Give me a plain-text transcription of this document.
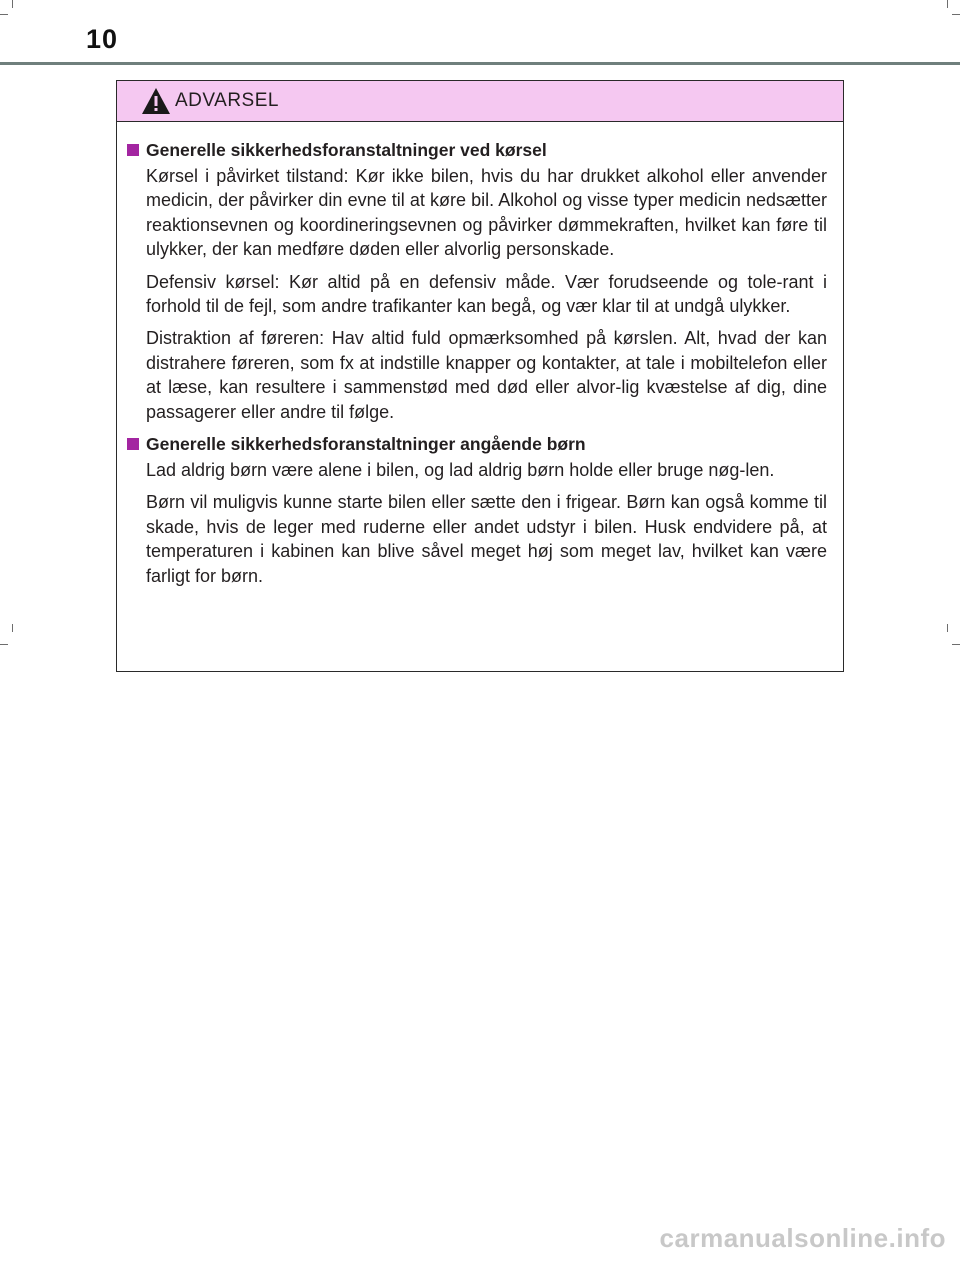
10
ADVARSEL
Generelle sikkerhedsforanstaltninger ved kørsel

Kørsel i påvirket tilstand: Kør ikke bilen, hvis du har drukket alkohol eller anvender medicin, der påvirker din evne til at køre bil. Alkohol og visse typer medicin nedsætter reaktionsevnen og koordineringsevnen og påvirker dømmekraften, hvilket kan føre til ulykker, der kan medføre døden eller alvorlig personskade.

Defensiv kørsel: Kør altid på en defensiv måde. Vær forudseende og tole-rant i forhold til de fejl, som andre trafikanter kan begå, og vær klar til at undgå ulykker.

Distraktion af føreren: Hav altid fuld opmærksomhed på kørslen. Alt, hvad der kan distrahere føreren, som fx at indstille knapper og kontakter, at tale i mobiltelefon eller at læse, kan resultere i sammenstød med død eller alvor-lig kvæstelse af dig, dine passagerer eller andre til følge.

Generelle sikkerhedsforanstaltninger angående børn

Lad aldrig børn være alene i bilen, og lad aldrig børn holde eller bruge nøg-len.

Børn vil muligvis kunne starte bilen eller sætte den i frigear. Børn kan også komme til skade, hvis de leger med ruderne eller andet udstyr i bilen. Husk endvidere på, at temperaturen i kabinen kan blive såvel meget høj som meget lav, hvilket kan være farligt for børn.

carmanualsonline.info
